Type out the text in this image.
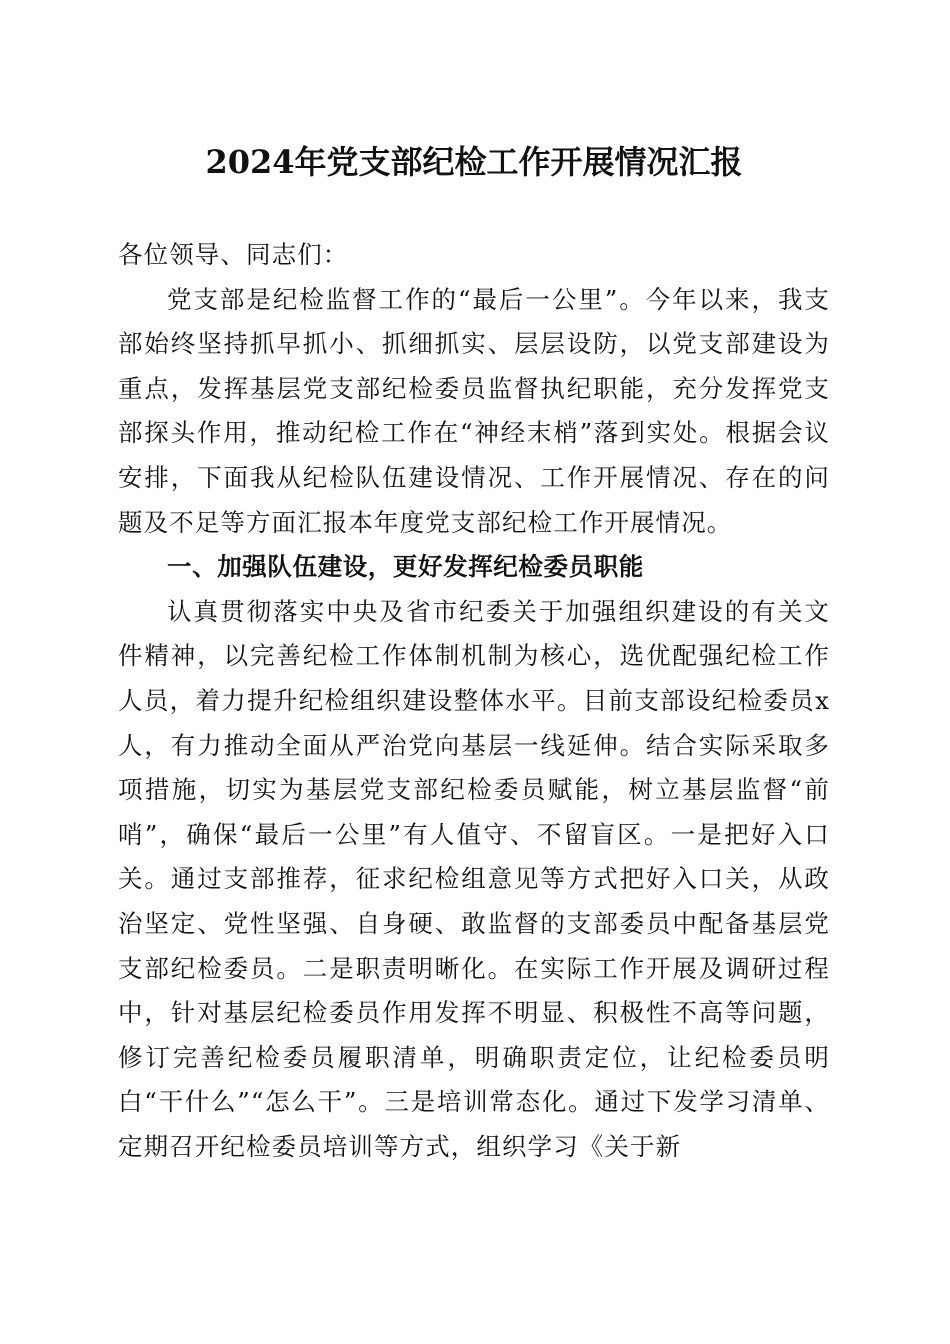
2024年党支部纪检工作开展情况汇报

各位领导、同志们：

党支部是纪检监督工作的“最后一公里”。今年以来，我支部始终坚持抓早抓小、抓细抓实、层层设防，以党支部建设为重点，发挥基层党支部纪检委员监督执纪职能，充分发挥党支部探头作用，推动纪检工作在“神经末梢”落到实处。根据会议安排，下面我从纪检队伍建设情况、工作开展情况、存在的问题及不足等方面汇报本年度党支部纪检工作开展情况。

一、加强队伍建设，更好发挥纪检委员职能

认真贯彻落实中央及省市纪委关于加强组织建设的有关文件精神，以完善纪检工作体制机制为核心，选优配强纪检工作人员，着力提升纪检组织建设整体水平。目前支部设纪检委员x人，有力推动全面从严治党向基层一线延伸。结合实际采取多项措施，切实为基层党支部纪检委员赋能，树立基层监督“前哨”，确保“最后一公里”有人值守、不留盲区。一是把好入口关。通过支部推荐，征求纪检组意见等方式把好入口关，从政治坚定、党性坚强、自身硬、敢监督的支部委员中配备基层党支部纪检委员。二是职责明晰化。在实际工作开展及调研过程中，针对基层纪检委员作用发挥不明显、积极性不高等问题，修订完善纪检委员履职清单，明确职责定位，让纪检委员明白“干什么”“怎么干”。三是培训常态化。通过下发学习清单、定期召开纪检委员培训等方式，组织学习《关于新
